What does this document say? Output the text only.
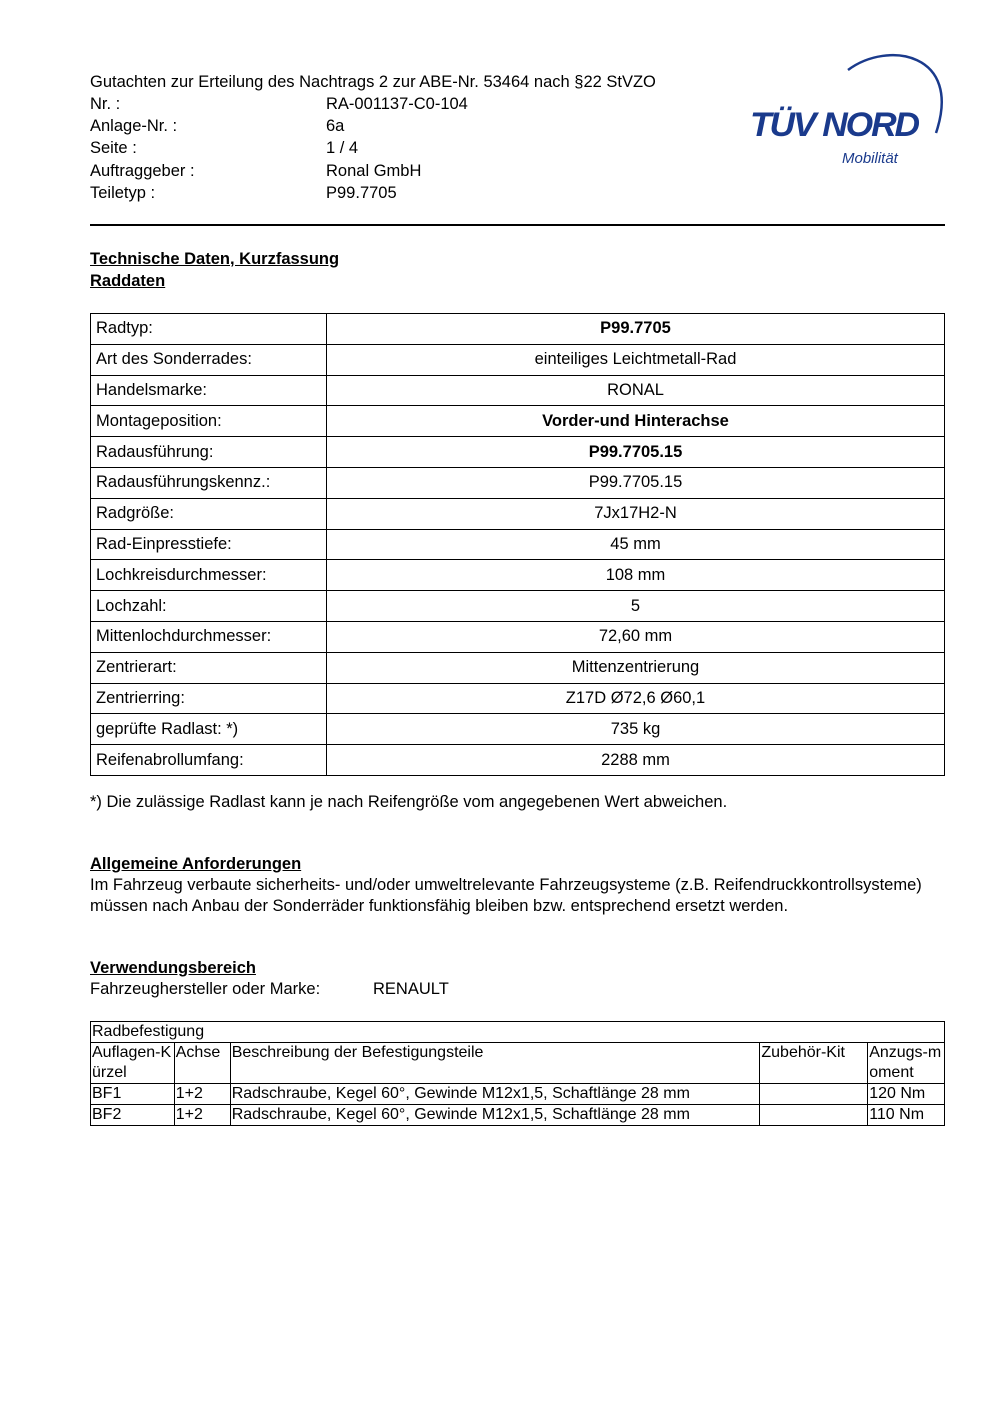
Gutachten zur Erteilung des Nachtrags 2 zur ABE-Nr. 53464 nach §22 StVZO
Nr. :	RA-001137-C0-104
Anlage-Nr. :	6a
Seite :	1 / 4
Auftraggeber :	Ronal GmbH
Teiletyp :	P99.7705
TÜV NORD
Mobilität
Technische Daten, Kurzfassung
Raddaten
Radtyp:	P99.7705
Art des Sonderrades:	einteiliges Leichtmetall-Rad
Handelsmarke:	RONAL
Montageposition:	Vorder-und Hinterachse
Radausführung:	P99.7705.15
Radausführungskennz.:	P99.7705.15
Radgröße:	7Jx17H2-N
Rad-Einpresstiefe:	45 mm
Lochkreisdurchmesser:	108 mm
Lochzahl:	5
Mittenlochdurchmesser:	72,60 mm
Zentrierart:	Mittenzentrierung
Zentrierring:	Z17D Ø72,6 Ø60,1
geprüfte Radlast: *)	735 kg
Reifenabrollumfang:	2288 mm
*) Die zulässige Radlast kann je nach Reifengröße vom angegebenen Wert abweichen.
Allgemeine Anforderungen
Im Fahrzeug verbaute sicherheits- und/oder umweltrelevante Fahrzeugsysteme (z.B. Reifendruckkontrollsysteme) müssen nach Anbau der Sonderräder funktionsfähig bleiben bzw. entsprechend ersetzt werden.
Verwendungsbereich
Fahrzeughersteller oder Marke:	RENAULT
Radbefestigung				
Auflagen-Kürzel	Achse	Beschreibung der Befestigungsteile	Zubehör-Kit	Anzugs-moment
BF1	1+2	Radschraube, Kegel 60°, Gewinde M12x1,5, Schaftlänge 28 mm		120 Nm
BF2	1+2	Radschraube, Kegel 60°, Gewinde M12x1,5, Schaftlänge 28 mm		110 Nm
